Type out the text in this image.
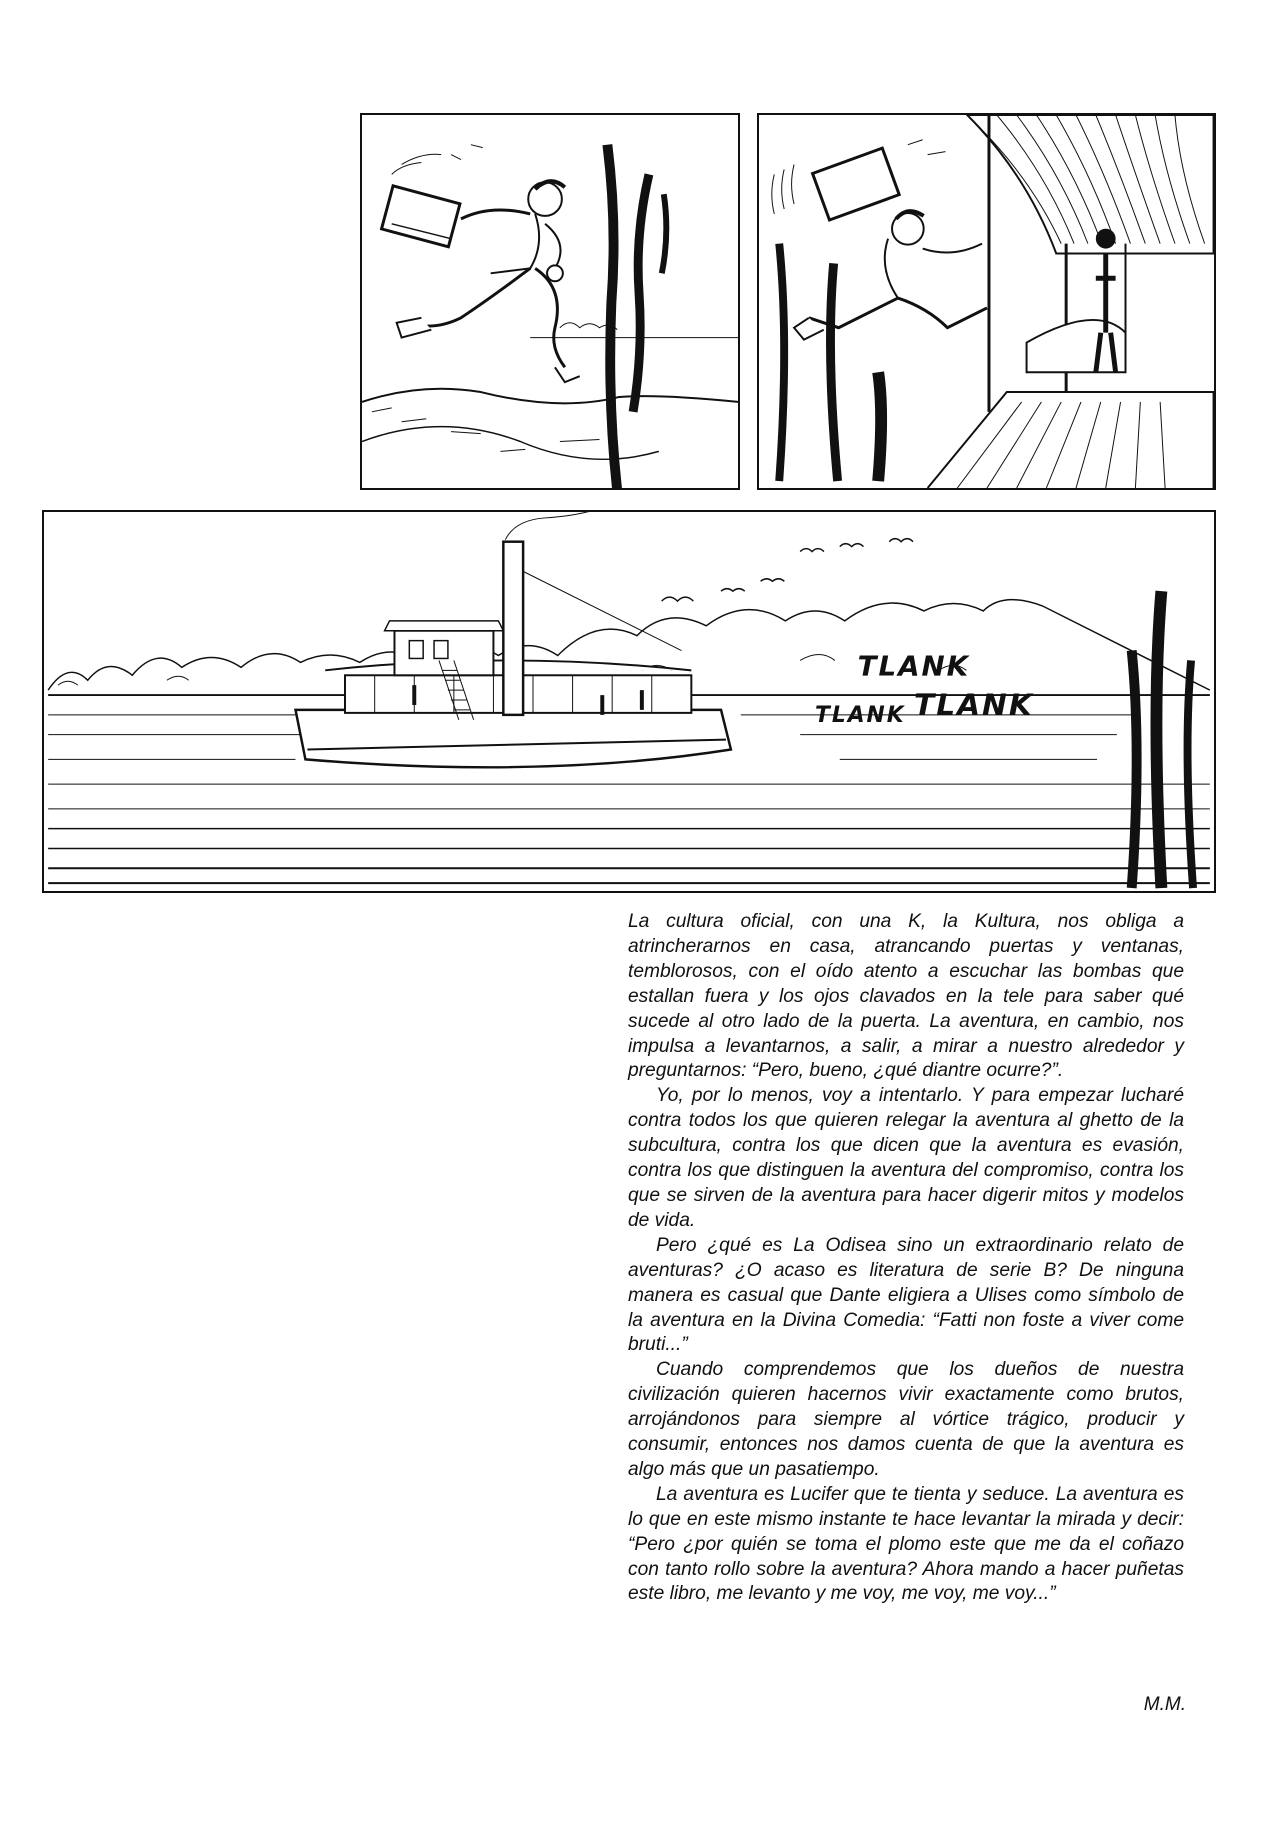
TLANK
TLANK TLANK

La cultura oficial, con una K, la Kultura, nos obliga a atrincherarnos en casa, atrancando puertas y ventanas, temblorosos, con el oído atento a escuchar las bombas que estallan fuera y los ojos clavados en la tele para saber qué sucede al otro lado de la puerta. La aventura, en cambio, nos impulsa a levantarnos, a salir, a mirar a nuestro alrededor y preguntarnos: “Pero, bueno, ¿qué diantre ocurre?”.

Yo, por lo menos, voy a intentarlo. Y para empezar lucharé contra todos los que quieren relegar la aventura al ghetto de la subcultura, contra los que dicen que la aventura es evasión, contra los que distinguen la aventura del compromiso, contra los que se sirven de la aventura para hacer digerir mitos y modelos de vida.

Pero ¿qué es La Odisea sino un extraordinario relato de aventuras? ¿O acaso es literatura de serie B? De ninguna manera es casual que Dante eligiera a Ulises como símbolo de la aventura en la Divina Comedia: “Fatti non foste a viver come bruti...”

Cuando comprendemos que los dueños de nuestra civilización quieren hacernos vivir exactamente como brutos, arrojándonos para siempre al vórtice trágico, producir y consumir, entonces nos damos cuenta de que la aventura es algo más que un pasatiempo.

La aventura es Lucifer que te tienta y seduce. La aventura es lo que en este mismo instante te hace levantar la mirada y decir: “Pero ¿por quién se toma el plomo este que me da el coñazo con tanto rollo sobre la aventura? Ahora mando a hacer puñetas este libro, me levanto y me voy, me voy, me voy...”

M.M.
